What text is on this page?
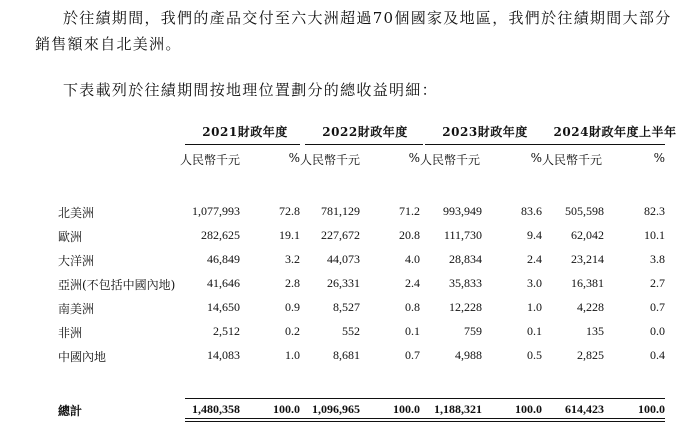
於往績期間，我們的產品交付至六大洲超過70個國家及地區，我們於往績期間大部分銷售額來自北美洲。

下表載列於往績期間按地理位置劃分的總收益明細：

2021財政年度	2022財政年度	2023財政年度	2024財政年度上半年
人民幣千元	% 人民幣千元	% 人民幣千元	% 人民幣千元	%
北美洲	1,077,993	72.8	781,129	71.2	993,949	83.6	505,598	82.3
歐洲	282,625	19.1	227,672	20.8	111,730	9.4	62,042	10.1
大洋洲	46,849	3.2	44,073	4.0	28,834	2.4	23,214	3.8
亞洲(不包括中國內地)	41,646	2.8	26,331	2.4	35,833	3.0	16,381	2.7
南美洲	14,650	0.9	8,527	0.8	12,228	1.0	4,228	0.7
非洲	2,512	0.2	552	0.1	759	0.1	135	0.0
中國內地	14,083	1.0	8,681	0.7	4,988	0.5	2,825	0.4
總計	1,480,358	100.0	1,096,965	100.0	1,188,321	100.0	614,423	100.0
